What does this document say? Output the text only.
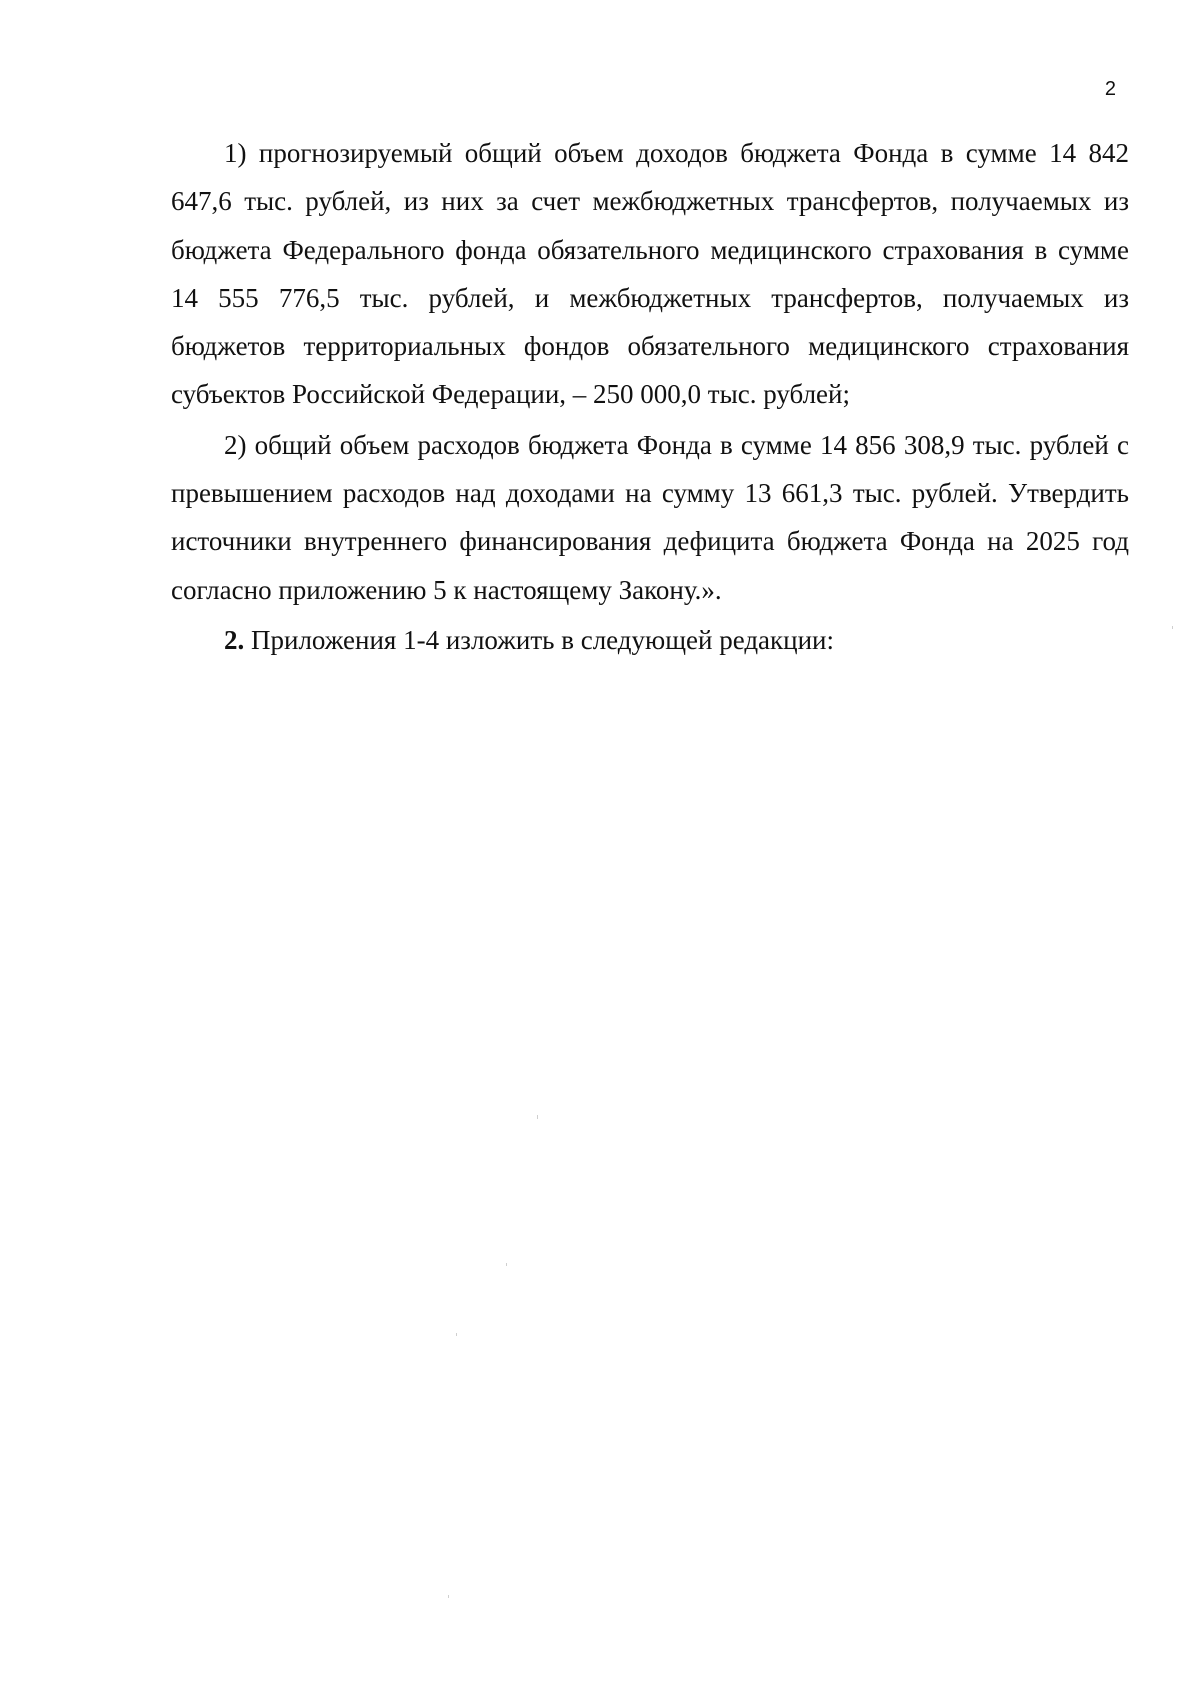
2

1) прогнозируемый общий объем доходов бюджета Фонда в сумме 14 842 647,6 тыс. рублей, из них за счет межбюджетных трансфертов, получаемых из бюджета Федерального фонда обязательного медицинского страхования в сумме 14 555 776,5 тыс. рублей, и межбюджетных трансфертов, получаемых из бюджетов территориальных фондов обязательного медицинского страхования субъектов Российской Федерации, – 250 000,0 тыс. рублей;

2) общий объем расходов бюджета Фонда в сумме 14 856 308,9 тыс. рублей с превышением расходов над доходами на сумму 13 661,3 тыс. рублей. Утвердить источники внутреннего финансирования дефицита бюджета Фонда на 2025 год согласно приложению 5 к настоящему Закону.».

2. Приложения 1-4 изложить в следующей редакции:
